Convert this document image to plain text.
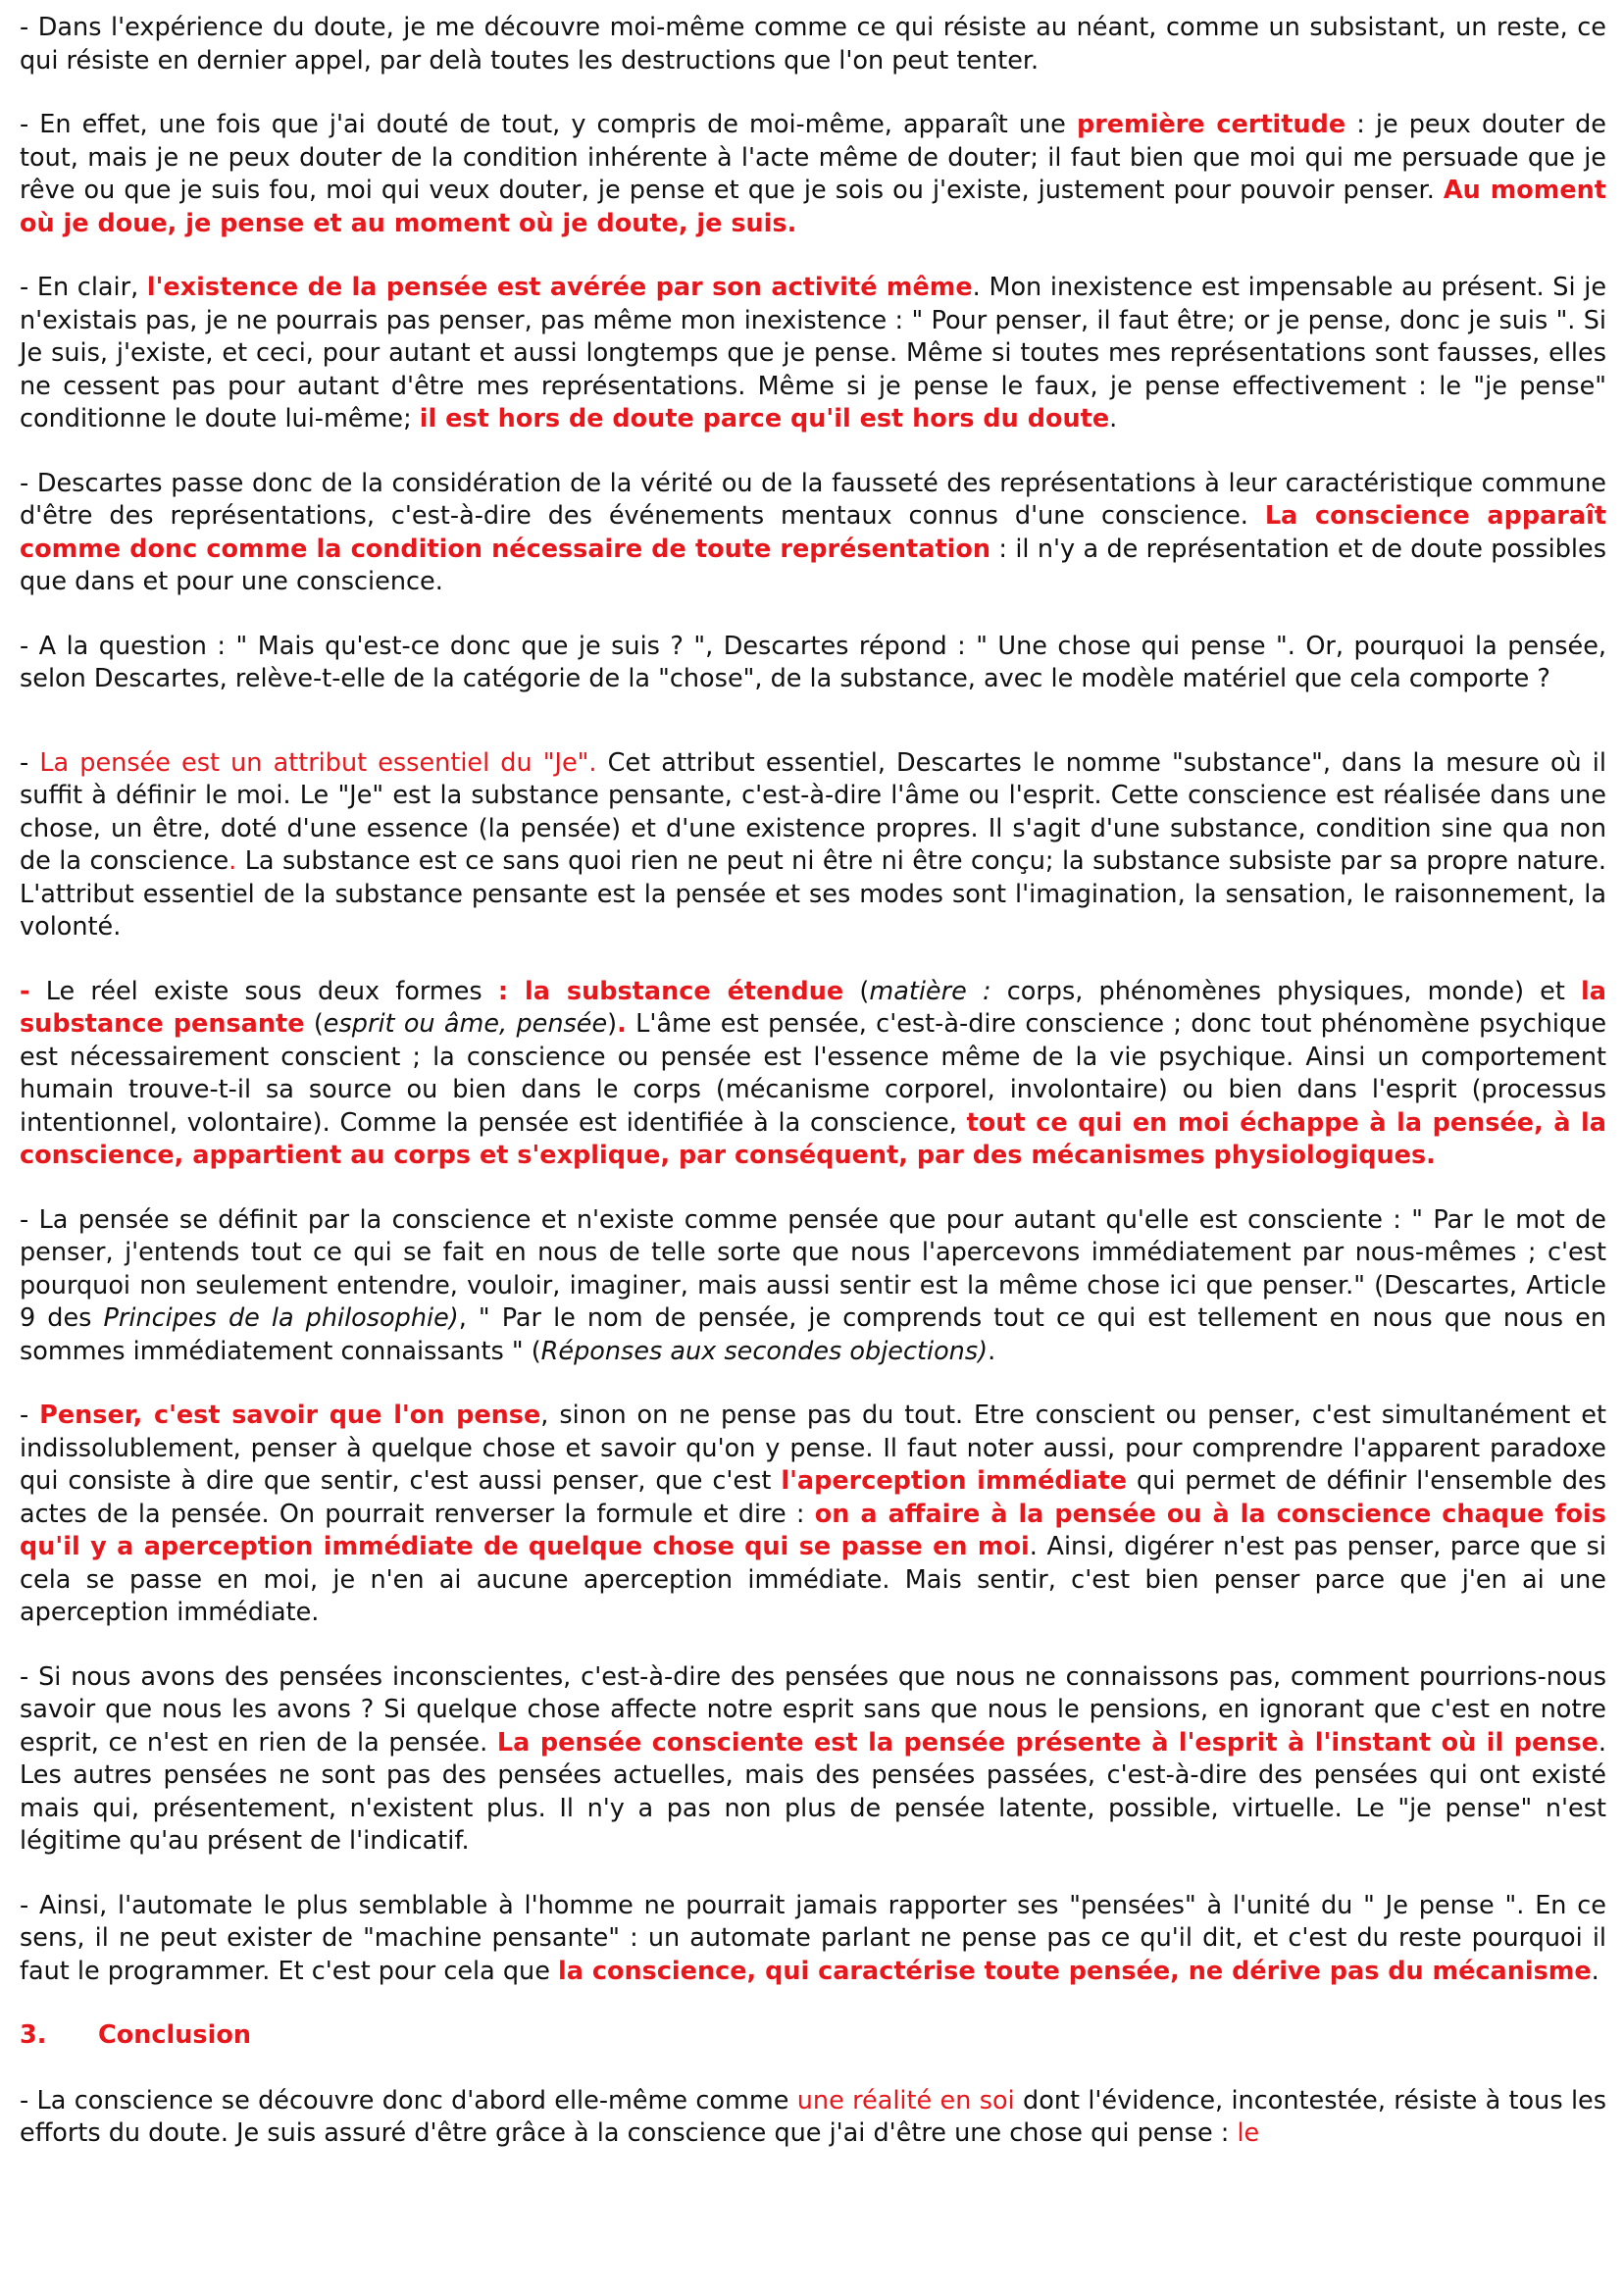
- Dans l'expérience du doute, je me découvre moi-même comme ce qui résiste au néant, comme un subsistant, un reste, ce qui résiste en dernier appel, par delà toutes les destructions que l'on peut tenter.

- En effet, une fois que j'ai douté de tout, y compris de moi-même, apparaît une première certitude : je peux douter de tout, mais je ne peux douter de la condition inhérente à l'acte même de douter; il faut bien que moi qui me persuade que je rêve ou que je suis fou, moi qui veux douter, je pense et que je sois ou j'existe, justement pour pouvoir penser. Au moment où je doue, je pense et au moment où je doute, je suis.

- En clair, l'existence de la pensée est avérée par son activité même. Mon inexistence est impensable au présent. Si je n'existais pas, je ne pourrais pas penser, pas même mon inexistence : " Pour penser, il faut être; or je pense, donc je suis ". Si Je suis, j'existe, et ceci, pour autant et aussi longtemps que je pense. Même si toutes mes représentations sont fausses, elles ne cessent pas pour autant d'être mes représentations. Même si je pense le faux, je pense effectivement : le "je pense" conditionne le doute lui-même; il est hors de doute parce qu'il est hors du doute.

- Descartes passe donc de la considération de la vérité ou de la fausseté des représentations à leur caractéristique commune d'être des représentations, c'est-à-dire des événements mentaux connus d'une conscience. La conscience apparaît comme donc comme la condition nécessaire de toute représentation : il n'y a de représentation et de doute possibles que dans et pour une conscience.

- A la question : " Mais qu'est-ce donc que je suis ? ", Descartes répond : " Une chose qui pense ". Or, pourquoi la pensée, selon Descartes, relève-t-elle de la catégorie de la "chose", de la substance, avec le modèle matériel que cela comporte ?

- La pensée est un attribut essentiel du "Je". Cet attribut essentiel, Descartes le nomme "substance", dans la mesure où il suffit à définir le moi. Le "Je" est la substance pensante, c'est-à-dire l'âme ou l'esprit. Cette conscience est réalisée dans une chose, un être, doté d'une essence (la pensée) et d'une existence propres. Il s'agit d'une substance, condition sine qua non de la conscience. La substance est ce sans quoi rien ne peut ni être ni être conçu; la substance subsiste par sa propre nature. L'attribut essentiel de la substance pensante est la pensée et ses modes sont l'imagination, la sensation, le raisonnement, la volonté.

- Le réel existe sous deux formes : la substance étendue (matière : corps, phénomènes physiques, monde) et la substance pensante (esprit ou âme, pensée). L'âme est pensée, c'est-à-dire conscience ; donc tout phénomène psychique est nécessairement conscient ; la conscience ou pensée est l'essence même de la vie psychique. Ainsi un comportement humain trouve-t-il sa source ou bien dans le corps (mécanisme corporel, involontaire) ou bien dans l'esprit (processus intentionnel, volontaire). Comme la pensée est identifiée à la conscience, tout ce qui en moi échappe à la pensée, à la conscience, appartient au corps et s'explique, par conséquent, par des mécanismes physiologiques.

- La pensée se définit par la conscience et n'existe comme pensée que pour autant qu'elle est consciente : " Par le mot de penser, j'entends tout ce qui se fait en nous de telle sorte que nous l'apercevons immédiatement par nous-mêmes ; c'est pourquoi non seulement entendre, vouloir, imaginer, mais aussi sentir est la même chose ici que penser." (Descartes, Article 9 des Principes de la philosophie), " Par le nom de pensée, je comprends tout ce qui est tellement en nous que nous en sommes immédiatement connaissants " (Réponses aux secondes objections).

- Penser, c'est savoir que l'on pense, sinon on ne pense pas du tout. Etre conscient ou penser, c'est simultanément et indissolublement, penser à quelque chose et savoir qu'on y pense. Il faut noter aussi, pour comprendre l'apparent paradoxe qui consiste à dire que sentir, c'est aussi penser, que c'est l'aperception immédiate qui permet de définir l'ensemble des actes de la pensée. On pourrait renverser la formule et dire : on a affaire à la pensée ou à la conscience chaque fois qu'il y a aperception immédiate de quelque chose qui se passe en moi. Ainsi, digérer n'est pas penser, parce que si cela se passe en moi, je n'en ai aucune aperception immédiate. Mais sentir, c'est bien penser parce que j'en ai une aperception immédiate.

- Si nous avons des pensées inconscientes, c'est-à-dire des pensées que nous ne connaissons pas, comment pourrions-nous savoir que nous les avons ? Si quelque chose affecte notre esprit sans que nous le pensions, en ignorant que c'est en notre esprit, ce n'est en rien de la pensée. La pensée consciente est la pensée présente à l'esprit à l'instant où il pense. Les autres pensées ne sont pas des pensées actuelles, mais des pensées passées, c'est-à-dire des pensées qui ont existé mais qui, présentement, n'existent plus. Il n'y a pas non plus de pensée latente, possible, virtuelle. Le "je pense" n'est légitime qu'au présent de l'indicatif.

- Ainsi, l'automate le plus semblable à l'homme ne pourrait jamais rapporter ses "pensées" à l'unité du " Je pense ". En ce sens, il ne peut exister de "machine pensante" : un automate parlant ne pense pas ce qu'il dit, et c'est du reste pourquoi il faut le programmer. Et c'est pour cela que la conscience, qui caractérise toute pensée, ne dérive pas du mécanisme.

3. Conclusion

- La conscience se découvre donc d'abord elle-même comme une réalité en soi dont l'évidence, incontestée, résiste à tous les efforts du doute. Je suis assuré d'être grâce à la conscience que j'ai d'être une chose qui pense : le
